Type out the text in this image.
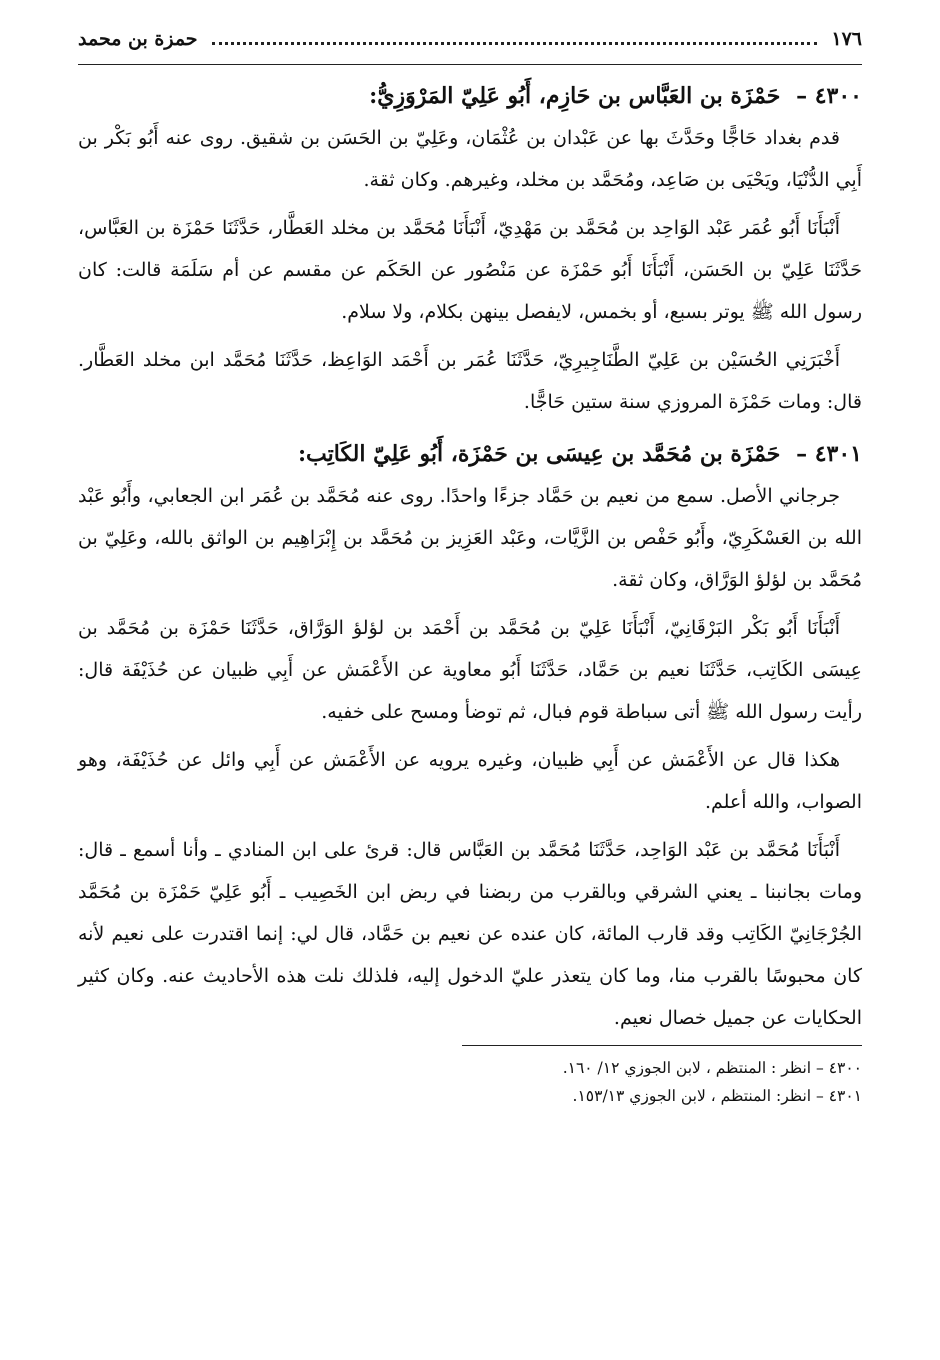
١٧٦
حمزة بن محمد
٤٣٠٠ – حَمْزَة بن العَبَّاس بن حَازِم، أَبُو عَلِيّ المَرْوَزِيُّ:

قدم بغداد حَاجًّا وحَدَّثَ بها عن عَبْدان بن عُثْمَان، وعَلِيّ بن الحَسَن بن شقيق. روى عنه أَبُو بَكْر بن أَبِي الدُّنْيَا، ويَحْيَى بن صَاعِد، ومُحَمَّد بن مخلد، وغيرهم. وكان ثقة.

أَنْبَأَنَا أَبُو عُمَر عَبْد الوَاحِد بن مُحَمَّد بن مَهْدِيّ، أَنْبَأَنَا مُحَمَّد بن مخلد العَطَّار، حَدَّثَنَا حَمْزَة بن العَبَّاس، حَدَّثَنَا عَلِيّ بن الحَسَن، أَنْبَأَنَا أَبُو حَمْزَة عن مَنْصُور عن الحَكَم عن مقسم عن أم سَلَمَة قالت: كان رسول الله ﷺ يوتر بسبع، أو بخمس، لايفصل بينهن بكلام، ولا سلام.

أَخْبَرَنِي الحُسَيْن بن عَلِيّ الطَّنَاجِيرِيّ، حَدَّثَنَا عُمَر بن أَحْمَد الوَاعِظ، حَدَّثَنَا مُحَمَّد ابن مخلد العَطَّار. قال: ومات حَمْزَة المروزي سنة ستين حَاجًّا.

٤٣٠١ – حَمْزَة بن مُحَمَّد بن عِيسَى بن حَمْزَة، أَبُو عَلِيّ الكَاتِب:

جرجاني الأصل. سمع من نعيم بن حَمَّاد جزءًا واحدًا. روى عنه مُحَمَّد بن عُمَر ابن الجعابي، وأَبُو عَبْد الله بن العَسْكَرِيّ، وأَبُو حَفْص بن الزَّيَّات، وعَبْد العَزِيز بن مُحَمَّد بن إِبْرَاهِيم بن الواثق بالله، وعَلِيّ بن مُحَمَّد بن لؤلؤ الوَرَّاق، وكان ثقة.

أَنْبَأَنَا أَبُو بَكْر البَرْقَانِيّ، أَنْبَأَنَا عَلِيّ بن مُحَمَّد بن أَحْمَد بن لؤلؤ الوَرَّاق، حَدَّثَنَا حَمْزَة بن مُحَمَّد بن عِيسَى الكَاتِب، حَدَّثَنَا نعيم بن حَمَّاد، حَدَّثَنَا أَبُو معاوية عن الأَعْمَش عن أَبِي ظبيان عن حُذَيْفَة قال: رأيت رسول الله ﷺ أتى سباطة قوم فبال، ثم توضأ ومسح على خفيه.

هكذا قال عن الأَعْمَش عن أَبِي ظبيان، وغيره يرويه عن الأَعْمَش عن أَبِي وائل عن حُذَيْفَة، وهو الصواب، والله أعلم.

أَنْبَأَنَا مُحَمَّد بن عَبْد الوَاحِد، حَدَّثَنَا مُحَمَّد بن العَبَّاس قال: قرئ على ابن المنادي ـ وأنا أسمع ـ قال: ومات بجانبنا ـ يعني الشرقي وبالقرب من ربضنا في ربض ابن الخَصِيب ـ أَبُو عَلِيّ حَمْزَة بن مُحَمَّد الجُرْجَانِيّ الكَاتِب وقد قارب المائة، كان عنده عن نعيم بن حَمَّاد، قال لي: إنما اقتدرت على نعيم لأنه كان محبوسًا بالقرب منا، وما كان يتعذر عليّ الدخول إليه، فلذلك نلت هذه الأحاديث عنه. وكان كثير الحكايات عن جميل خصال نعيم.

٤٣٠٠ – انظر : المنتظم ، لابن الجوزي ١٢/ ١٦٠.
٤٣٠١ – انظر: المنتظم ، لابن الجوزي ١٥٣/١٣.
